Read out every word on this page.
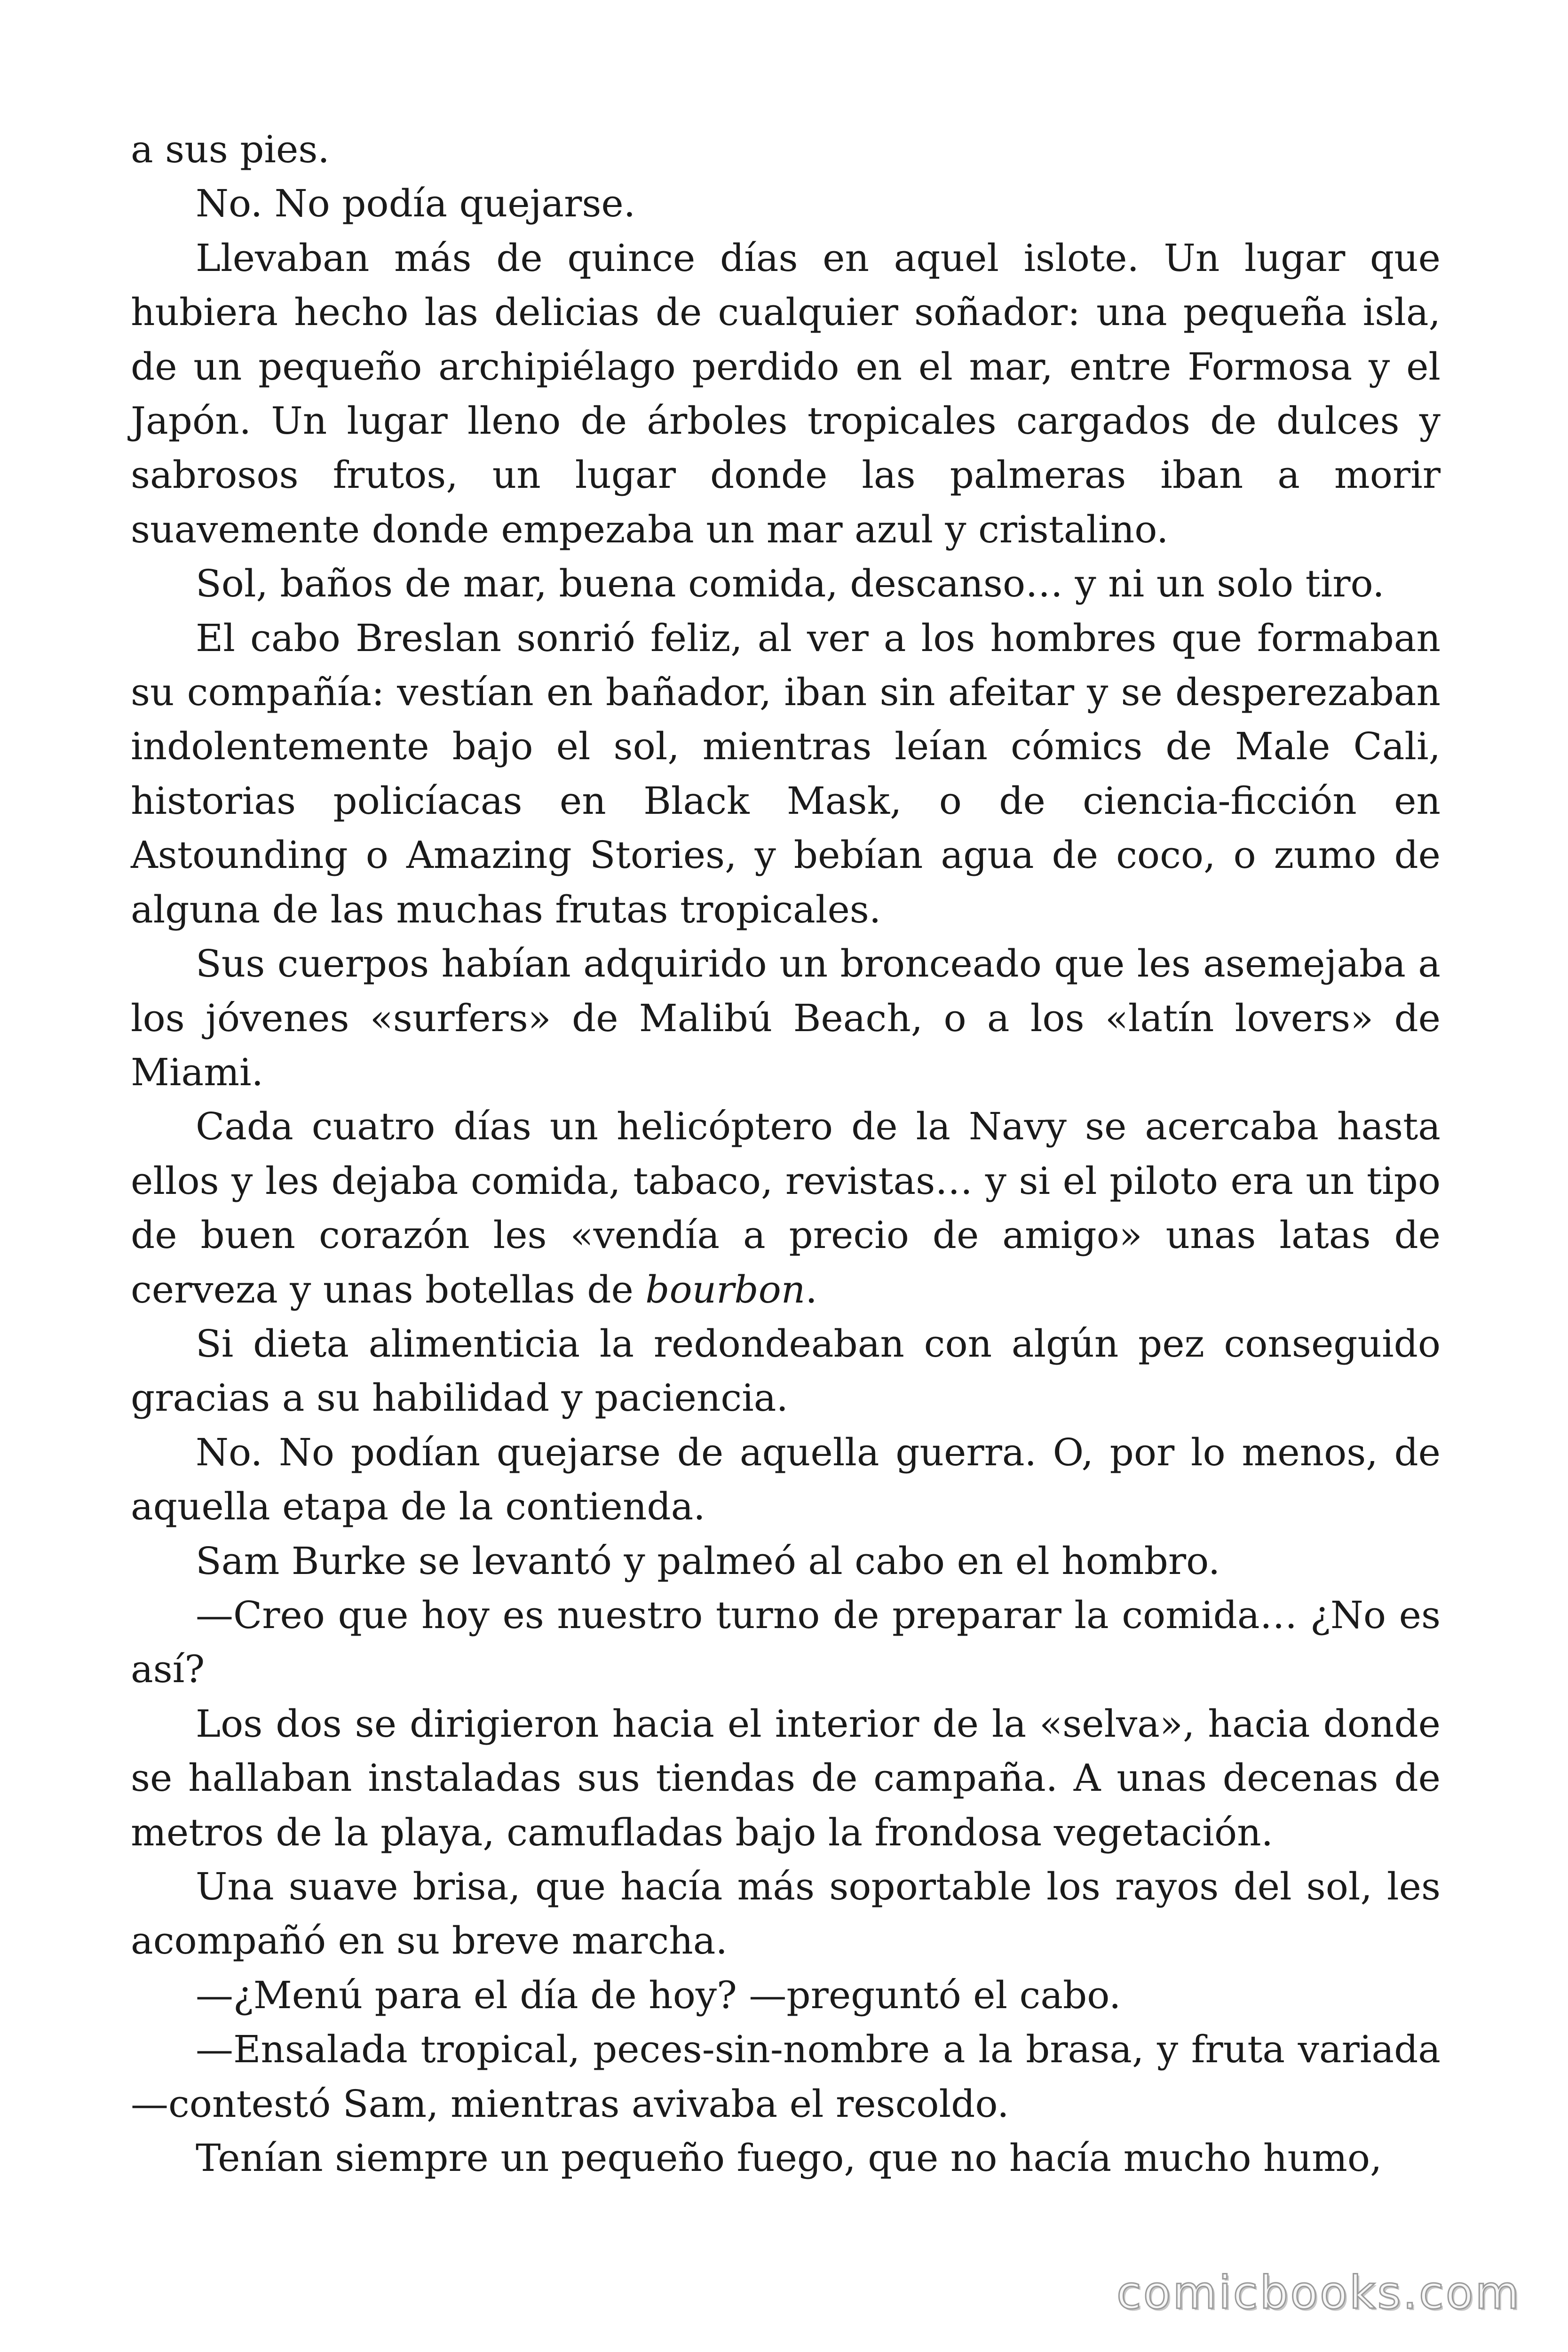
a sus pies.

No. No podía quejarse.

Llevaban más de quince días en aquel islote. Un lugar que hubiera hecho las delicias de cualquier soñador: una pequeña isla, de un pequeño archipiélago perdido en el mar, entre Formosa y el Japón. Un lugar lleno de árboles tropicales cargados de dulces y sabrosos frutos, un lugar donde las palmeras iban a morir suavemente donde empezaba un mar azul y cristalino.

Sol, baños de mar, buena comida, descanso… y ni un solo tiro.

El cabo Breslan sonrió feliz, al ver a los hombres que formaban su compañía: vestían en bañador, iban sin afeitar y se desperezaban indolentemente bajo el sol, mientras leían cómics de Male Cali, historias policíacas en Black Mask, o de ciencia-ficción en Astounding o Amazing Stories, y bebían agua de coco, o zumo de alguna de las muchas frutas tropicales.

Sus cuerpos habían adquirido un bronceado que les asemejaba a los jóvenes «surfers» de Malibú Beach, o a los «latín lovers» de Miami.

Cada cuatro días un helicóptero de la Navy se acercaba hasta ellos y les dejaba comida, tabaco, revistas… y si el piloto era un tipo de buen corazón les «vendía a precio de amigo» unas latas de cerveza y unas botellas de bourbon.

Si dieta alimenticia la redondeaban con algún pez conseguido gracias a su habilidad y paciencia.

No. No podían quejarse de aquella guerra. O, por lo menos, de aquella etapa de la contienda.

Sam Burke se levantó y palmeó al cabo en el hombro.

—Creo que hoy es nuestro turno de preparar la comida… ¿No es así?

Los dos se dirigieron hacia el interior de la «selva», hacia donde se hallaban instaladas sus tiendas de campaña. A unas decenas de metros de la playa, camufladas bajo la frondosa vegetación.

Una suave brisa, que hacía más soportable los rayos del sol, les acompañó en su breve marcha.

—¿Menú para el día de hoy? —preguntó el cabo.

—Ensalada tropical, peces-sin-nombre a la brasa, y fruta variada —contestó Sam, mientras avivaba el rescoldo.

Tenían siempre un pequeño fuego, que no hacía mucho humo,

comicbooks.com
